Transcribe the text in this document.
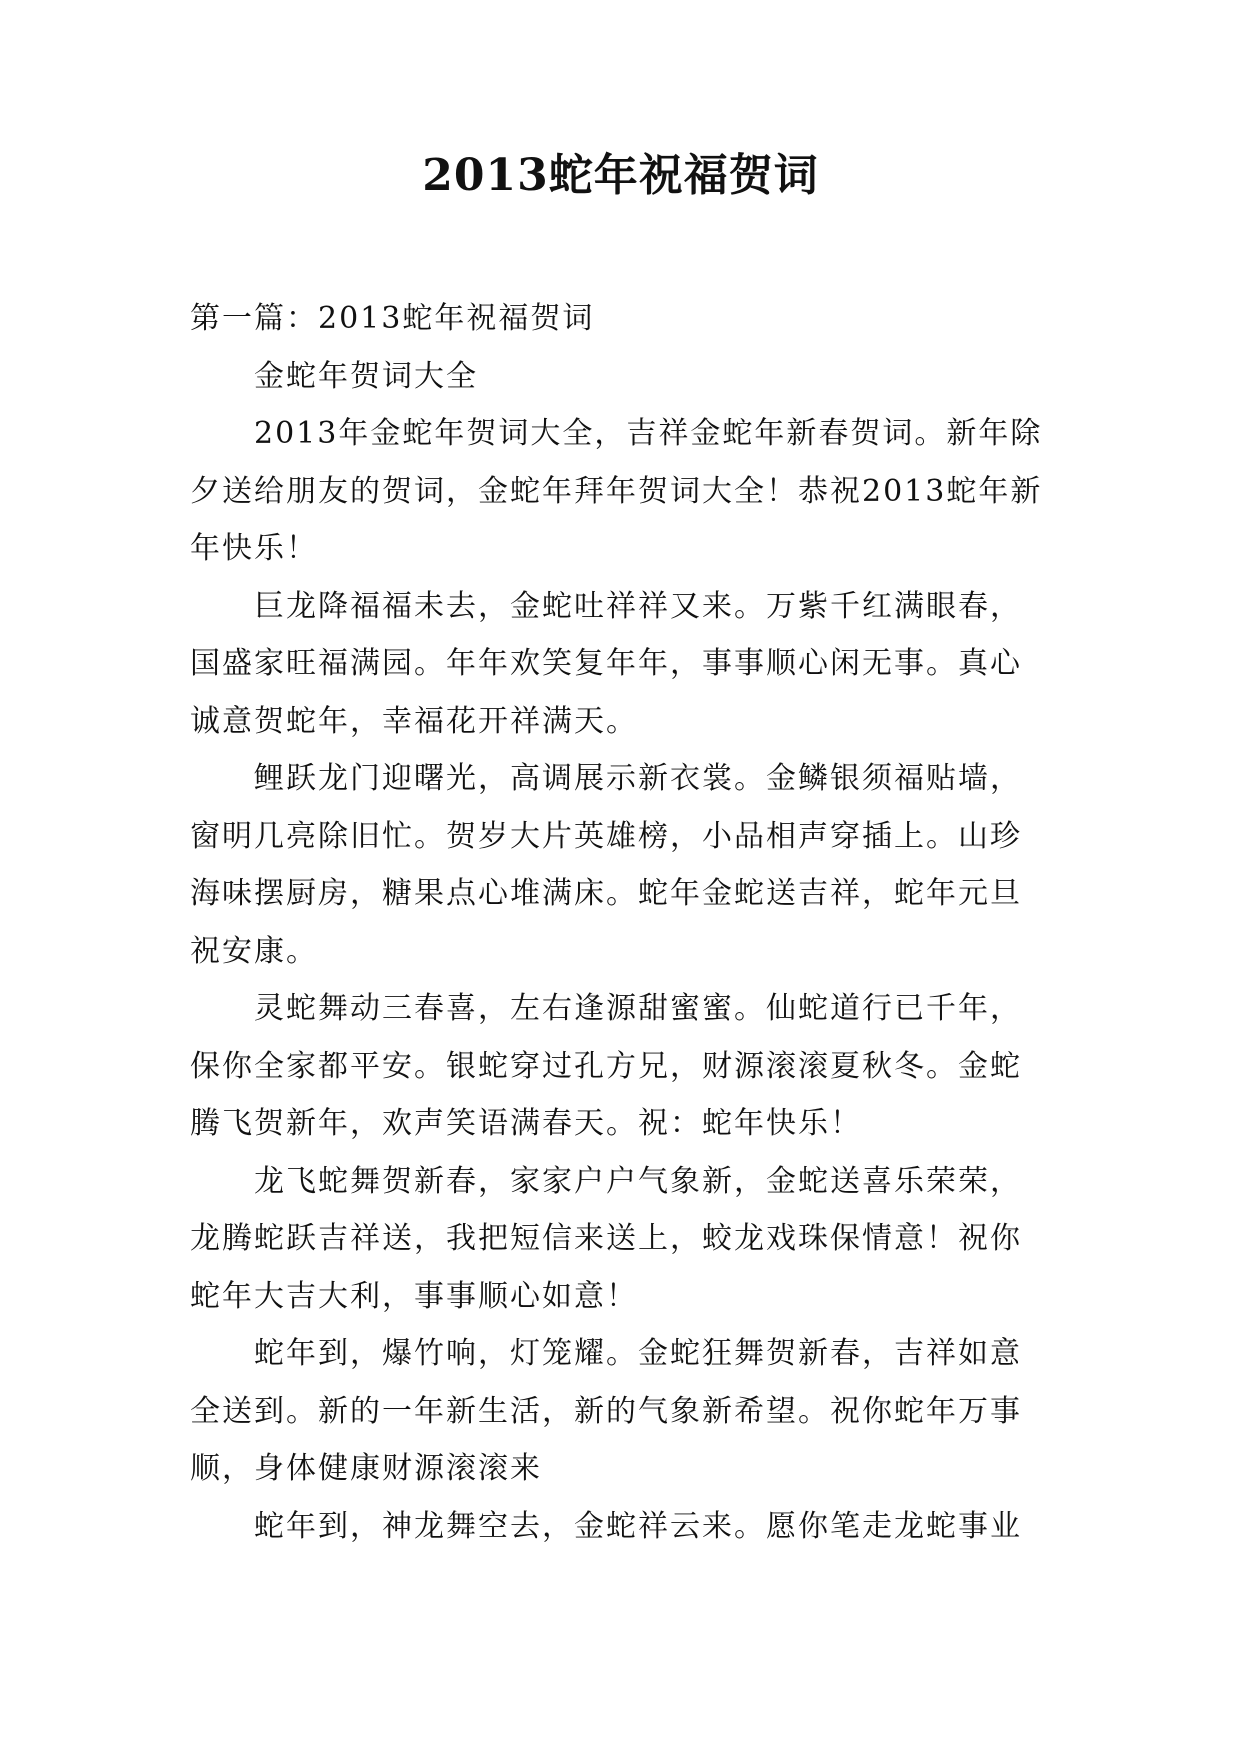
2013蛇年祝福贺词

第一篇：2013蛇年祝福贺词

金蛇年贺词大全

2013年金蛇年贺词大全，吉祥金蛇年新春贺词。新年除夕送给朋友的贺词，金蛇年拜年贺词大全！恭祝2013蛇年新年快乐！

巨龙降福福未去，金蛇吐祥祥又来。万紫千红满眼春，国盛家旺福满园。年年欢笑复年年，事事顺心闲无事。真心诚意贺蛇年，幸福花开祥满天。

鲤跃龙门迎曙光，高调展示新衣裳。金鳞银须福贴墙，窗明几亮除旧忙。贺岁大片英雄榜，小品相声穿插上。山珍海味摆厨房，糖果点心堆满床。蛇年金蛇送吉祥，蛇年元旦祝安康。

灵蛇舞动三春喜，左右逢源甜蜜蜜。仙蛇道行已千年，保你全家都平安。银蛇穿过孔方兄，财源滚滚夏秋冬。金蛇腾飞贺新年，欢声笑语满春天。祝：蛇年快乐！

龙飞蛇舞贺新春，家家户户气象新，金蛇送喜乐荣荣，龙腾蛇跃吉祥送，我把短信来送上，蛟龙戏珠保情意！祝你蛇年大吉大利，事事顺心如意！

蛇年到，爆竹响，灯笼耀。金蛇狂舞贺新春，吉祥如意全送到。新的一年新生活，新的气象新希望。祝你蛇年万事顺，身体健康财源滚滚来

蛇年到，神龙舞空去，金蛇祥云来。愿你笔走龙蛇事业
